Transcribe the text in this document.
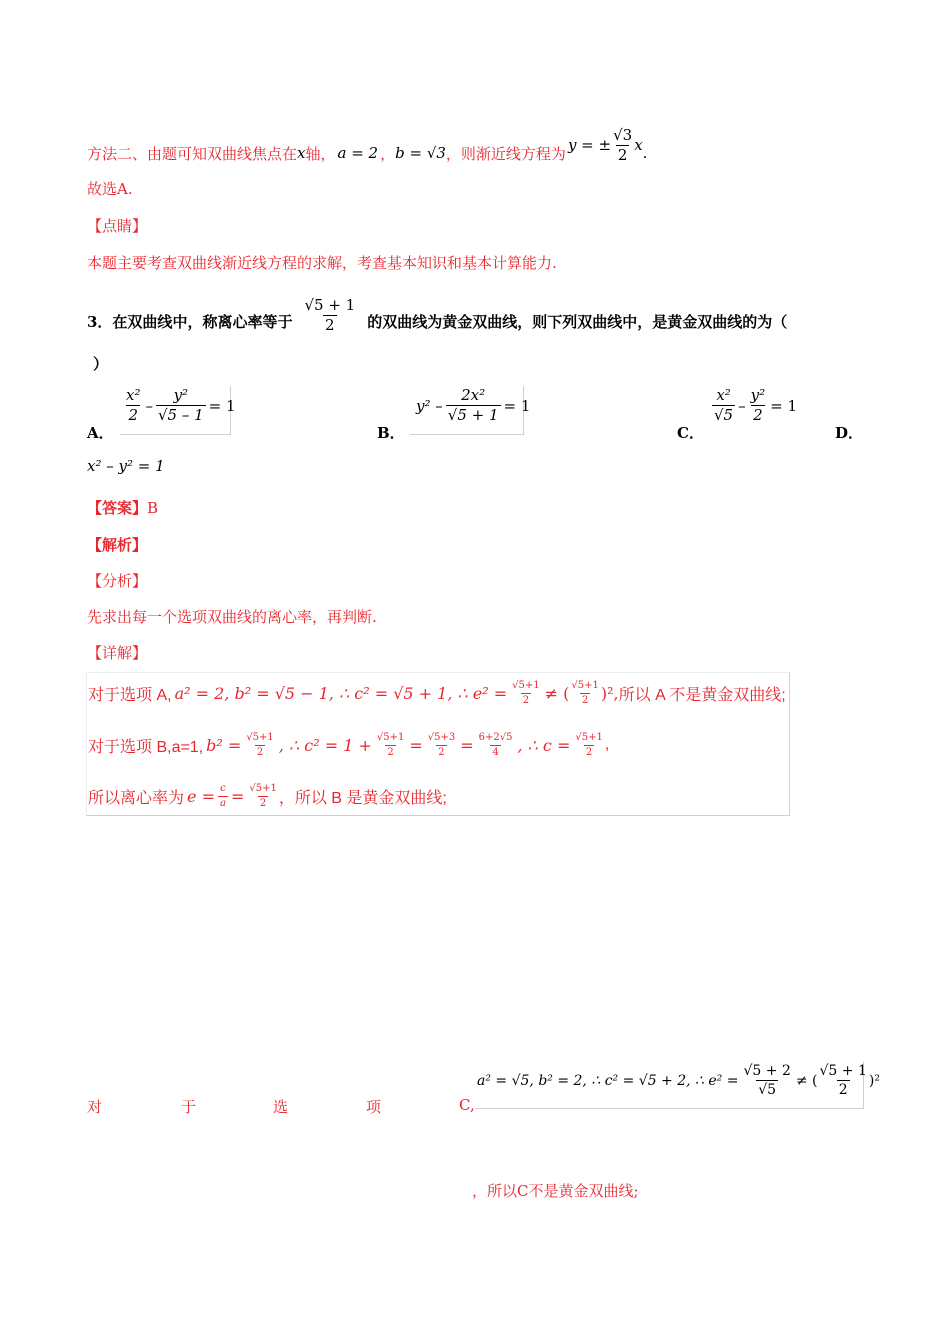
方法二、由题可知双曲线焦点在 x 轴， a = 2 ， b = √3 ，则渐近线方程为 y = ± $\frac{√3}{2}$ x .
故选A.
【点睛】
本题主要考查双曲线渐近线方程的求解，考查基本知识和基本计算能力.
3．在双曲线中，称离心率等于 $\frac{√5 + 1}{2}$ 的双曲线为黄金双曲线，则下列双曲线中，是黄金双曲线的为（
）
A．
$\frac{\text{x²}}{2} - \frac{\text{y²}}{√5 - 1} = 1$
B．
$y^2 - \frac{\text{2x²}}{√5 + 1} = 1$
C．
$\frac{\text{x²}}{√5} - \frac{\text{y²}}{2} = 1$
D．
x² – y² = 1
【答案】B
【解析】
【分析】
先求出每一个选项双曲线的离心率，再判断.
【详解】
对于选项 A, a² = 2, b² = √5 − 1, ∴ c² = √5 + 1, ∴ $e^2 = \frac{√5+1}{2}$ ≠ ( $\frac{√5+1}{2} )^2$, 所以 A 不是黄金双曲线;
对于选项 B,a=1, $b^2 = \frac{√5+1}{2}$ , ∴ $c^2 = 1 + \frac{√5+1}{2} = \frac{√5+3}{2} = \frac{6+2√5}{4}$ , ∴ $c = \frac{√5+1}{2}$ ,
所以离心率为 $e = \frac{c}{a} = \frac{√5+1}{2}$ ，所以 B 是黄金双曲线;
对	于	选	项	C,
a² = √5, b² = 2, ∴ c² = √5 + 2, ∴ $e^2 = \frac{√5 + 2}{√5}$ ≠ ( $\frac{√5 + 1}{2} )^2$
，所以C不是黄金双曲线;
